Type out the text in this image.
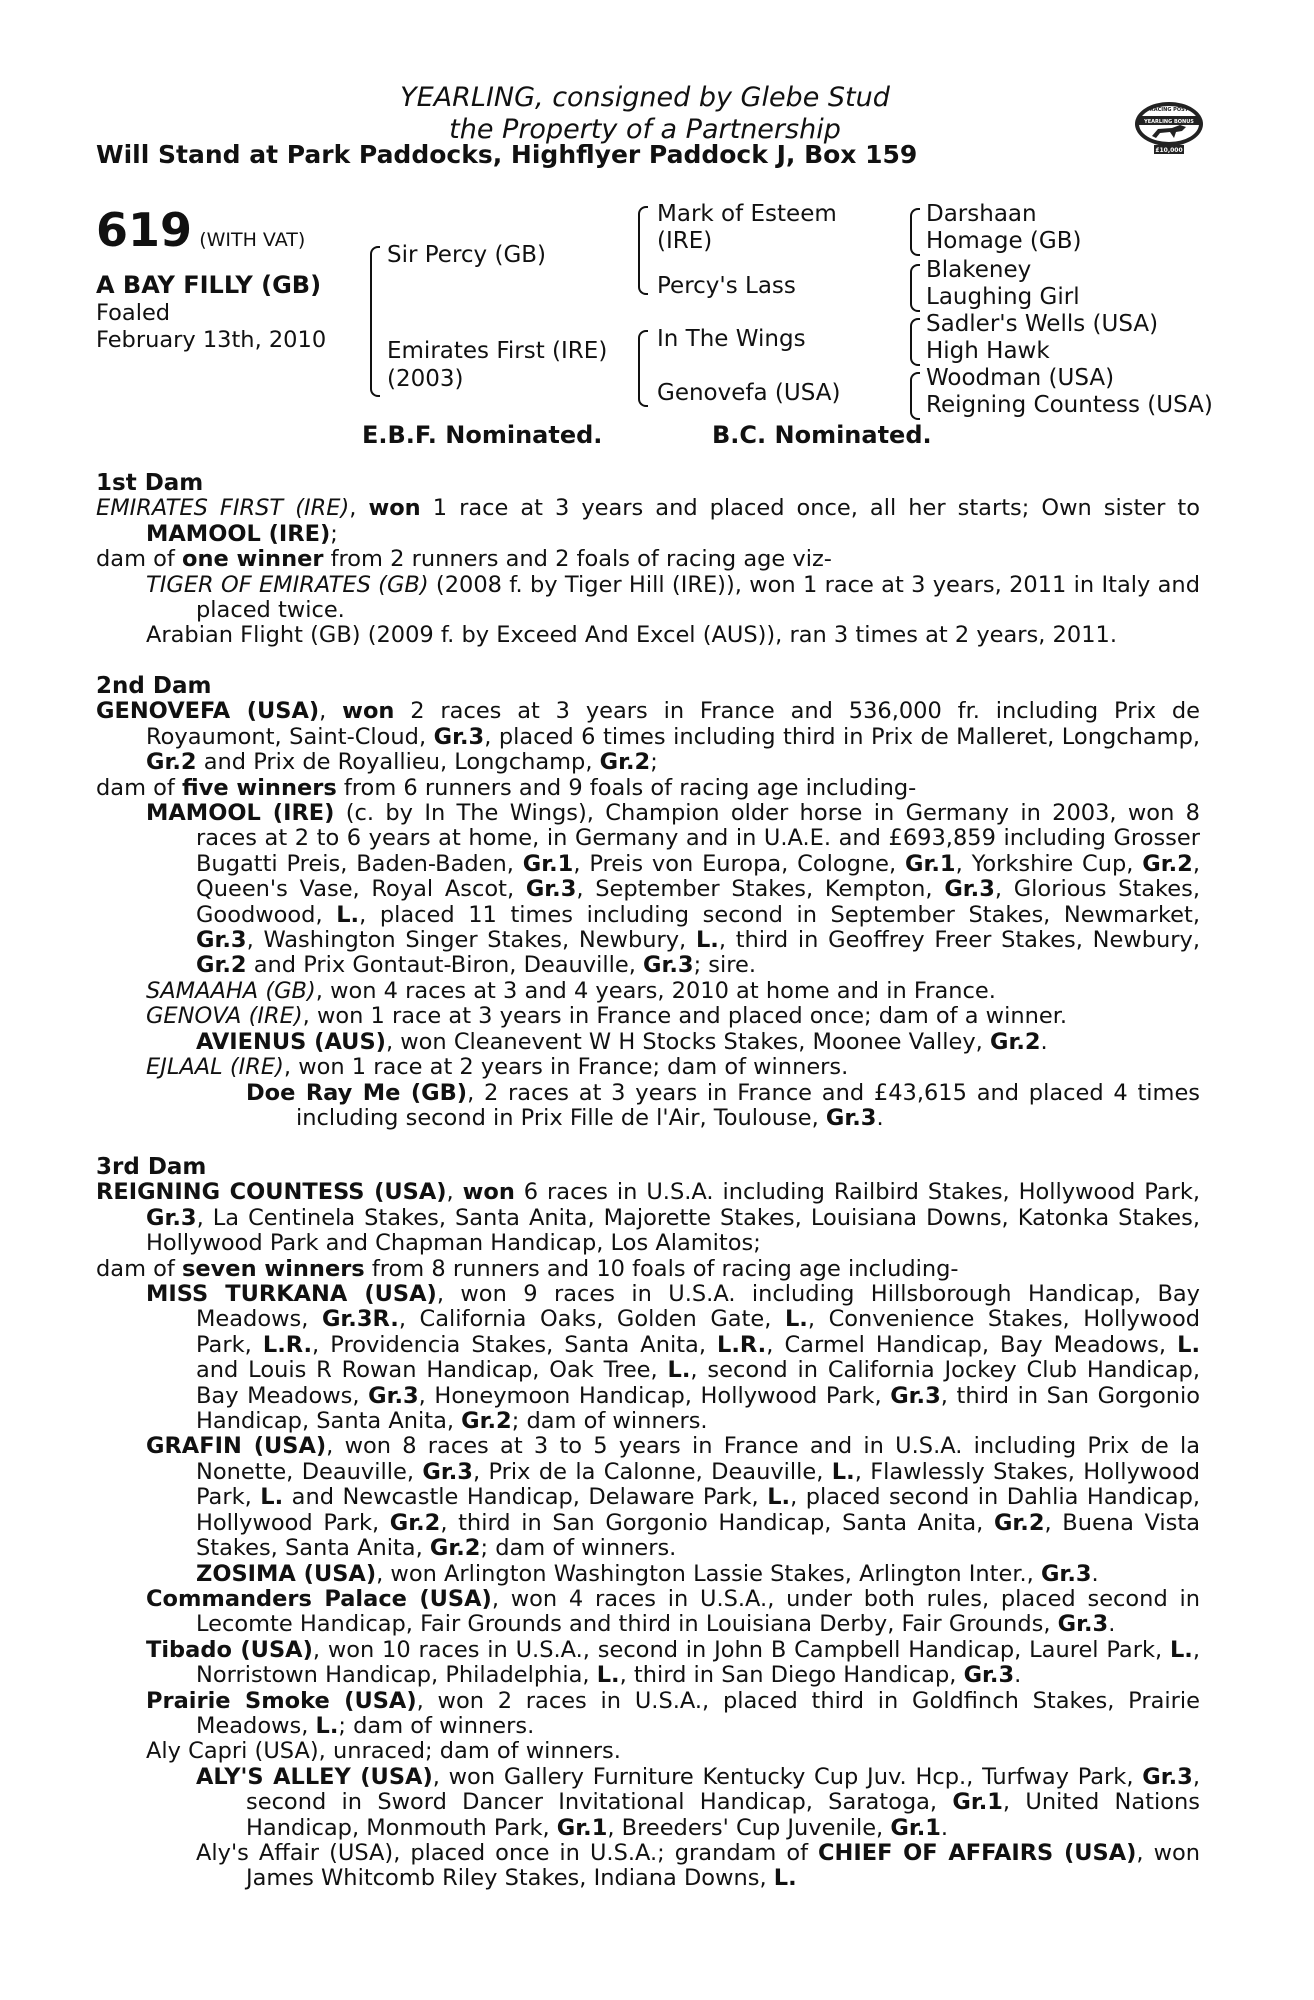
YEARLING, consigned by Glebe Stud
the Property of a Partnership
Will Stand at Park Paddocks, Highflyer Paddock J, Box 159
RACING POST
YEARLING BONUS
£10,000
619 (WITH VAT)
A BAY FILLY (GB)
Foaled
February 13th, 2010
Sir Percy (GB)
Emirates First (IRE)
(2003)
Mark of Esteem
(IRE)
Percy's Lass
In The Wings
Genovefa (USA)
Darshaan
Homage (GB)
Blakeney
Laughing Girl
Sadler's Wells (USA)
High Hawk
Woodman (USA)
Reigning Countess (USA)
E.B.F. Nominated.	B.C. Nominated.

1st Dam

EMIRATES FIRST (IRE), won 1 race at 3 years and placed once, all her starts; Own sister to MAMOOL (IRE);

dam of one winner from 2 runners and 2 foals of racing age viz-

TIGER OF EMIRATES (GB) (2008 f. by Tiger Hill (IRE)), won 1 race at 3 years, 2011 in Italy and placed twice.

Arabian Flight (GB) (2009 f. by Exceed And Excel (AUS)), ran 3 times at 2 years, 2011.

2nd Dam

GENOVEFA (USA), won 2 races at 3 years in France and 536,000 fr. including Prix de Royaumont, Saint-Cloud, Gr.3, placed 6 times including third in Prix de Malleret, Longchamp, Gr.2 and Prix de Royallieu, Longchamp, Gr.2;

dam of five winners from 6 runners and 9 foals of racing age including-

MAMOOL (IRE) (c. by In The Wings), Champion older horse in Germany in 2003, won 8 races at 2 to 6 years at home, in Germany and in U.A.E. and £693,859 including Grosser Bugatti Preis, Baden-Baden, Gr.1, Preis von Europa, Cologne, Gr.1, Yorkshire Cup, Gr.2, Queen's Vase, Royal Ascot, Gr.3, September Stakes, Kempton, Gr.3, Glorious Stakes, Goodwood, L., placed 11 times including second in September Stakes, Newmarket, Gr.3, Washington Singer Stakes, Newbury, L., third in Geoffrey Freer Stakes, Newbury, Gr.2 and Prix Gontaut-Biron, Deauville, Gr.3; sire.

SAMAAHA (GB), won 4 races at 3 and 4 years, 2010 at home and in France.

GENOVA (IRE), won 1 race at 3 years in France and placed once; dam of a winner.

AVIENUS (AUS), won Cleanevent W H Stocks Stakes, Moonee Valley, Gr.2.

EJLAAL (IRE), won 1 race at 2 years in France; dam of winners.

Doe Ray Me (GB), 2 races at 3 years in France and £43,615 and placed 4 times including second in Prix Fille de l'Air, Toulouse, Gr.3.

3rd Dam

REIGNING COUNTESS (USA), won 6 races in U.S.A. including Railbird Stakes, Hollywood Park, Gr.3, La Centinela Stakes, Santa Anita, Majorette Stakes, Louisiana Downs, Katonka Stakes, Hollywood Park and Chapman Handicap, Los Alamitos;

dam of seven winners from 8 runners and 10 foals of racing age including-

MISS TURKANA (USA), won 9 races in U.S.A. including Hillsborough Handicap, Bay Meadows, Gr.3R., California Oaks, Golden Gate, L., Convenience Stakes, Hollywood Park, L.R., Providencia Stakes, Santa Anita, L.R., Carmel Handicap, Bay Meadows, L. and Louis R Rowan Handicap, Oak Tree, L., second in California Jockey Club Handicap, Bay Meadows, Gr.3, Honeymoon Handicap, Hollywood Park, Gr.3, third in San Gorgonio Handicap, Santa Anita, Gr.2; dam of winners.

GRAFIN (USA), won 8 races at 3 to 5 years in France and in U.S.A. including Prix de la Nonette, Deauville, Gr.3, Prix de la Calonne, Deauville, L., Flawlessly Stakes, Hollywood Park, L. and Newcastle Handicap, Delaware Park, L., placed second in Dahlia Handicap, Hollywood Park, Gr.2, third in San Gorgonio Handicap, Santa Anita, Gr.2, Buena Vista Stakes, Santa Anita, Gr.2; dam of winners.

ZOSIMA (USA), won Arlington Washington Lassie Stakes, Arlington Inter., Gr.3.

Commanders Palace (USA), won 4 races in U.S.A., under both rules, placed second in Lecomte Handicap, Fair Grounds and third in Louisiana Derby, Fair Grounds, Gr.3.

Tibado (USA), won 10 races in U.S.A., second in John B Campbell Handicap, Laurel Park, L., Norristown Handicap, Philadelphia, L., third in San Diego Handicap, Gr.3.

Prairie Smoke (USA), won 2 races in U.S.A., placed third in Goldfinch Stakes, Prairie Meadows, L.; dam of winners.

Aly Capri (USA), unraced; dam of winners.

ALY'S ALLEY (USA), won Gallery Furniture Kentucky Cup Juv. Hcp., Turfway Park, Gr.3, second in Sword Dancer Invitational Handicap, Saratoga, Gr.1, United Nations Handicap, Monmouth Park, Gr.1, Breeders' Cup Juvenile, Gr.1.

Aly's Affair (USA), placed once in U.S.A.; grandam of CHIEF OF AFFAIRS (USA), won James Whitcomb Riley Stakes, Indiana Downs, L.
